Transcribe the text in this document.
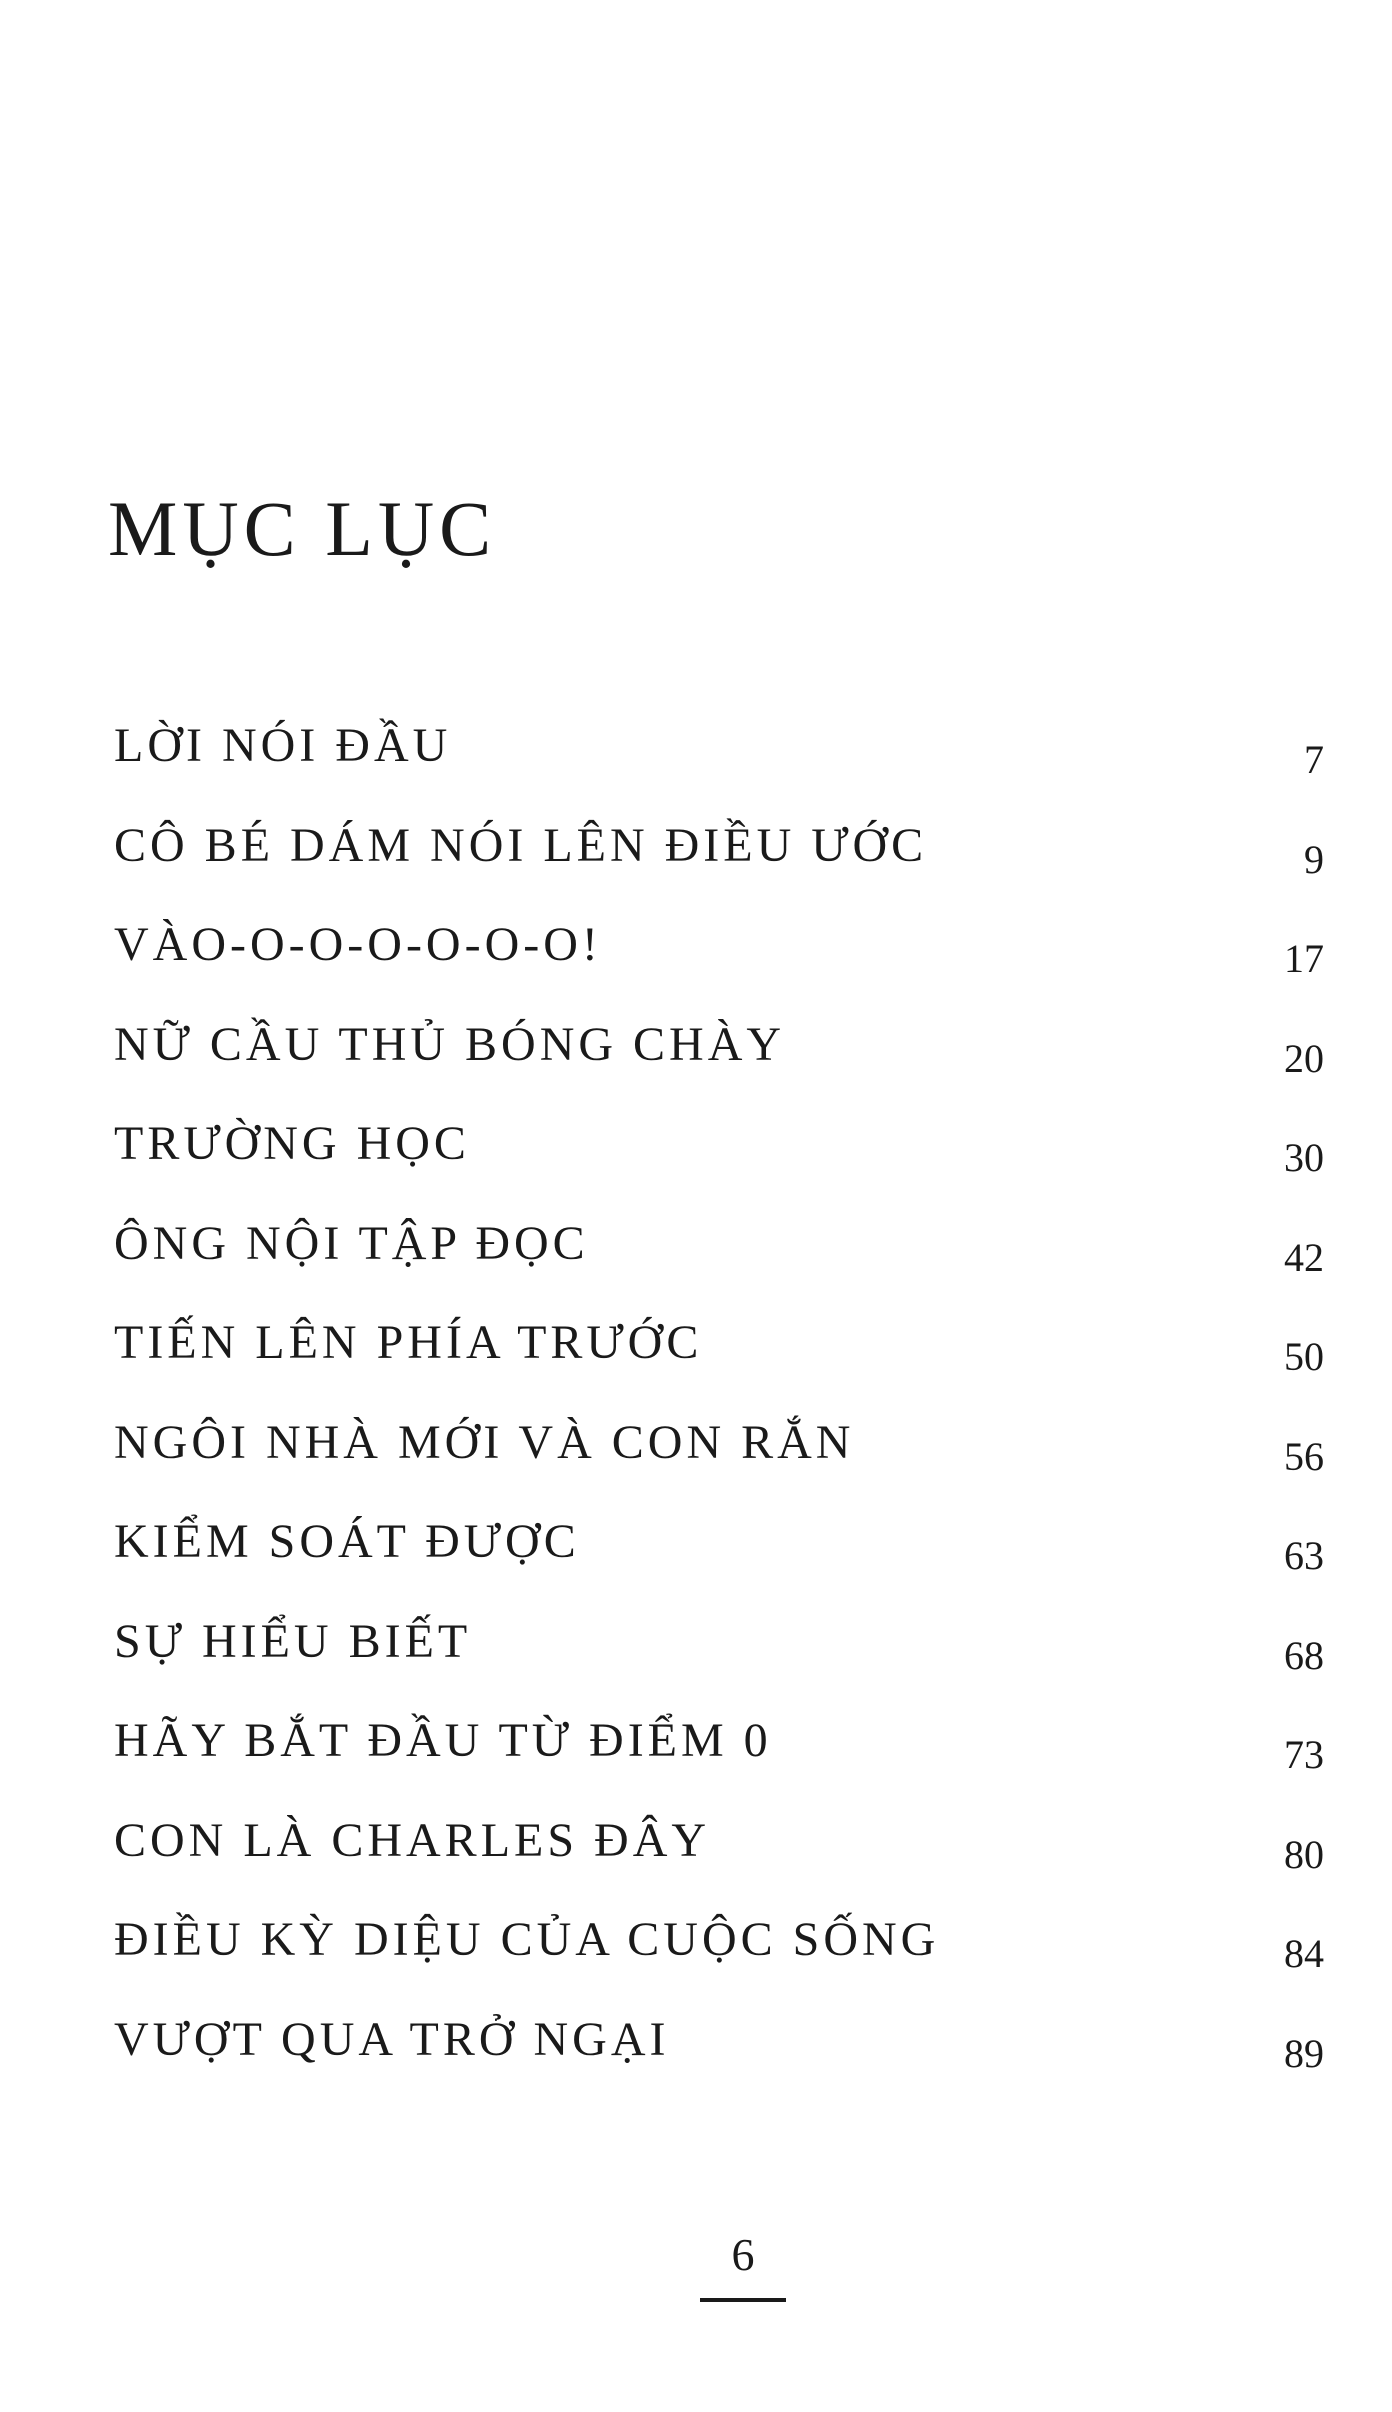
MỤC LỤC
LỜI NÓI ĐẦU	7
CÔ BÉ DÁM NÓI LÊN ĐIỀU ƯỚC	9
VÀO-O-O-O-O-O-O!	17
NỮ CẦU THỦ BÓNG CHÀY	20
TRƯỜNG HỌC	30
ÔNG NỘI TẬP ĐỌC	42
TIẾN LÊN PHÍA TRƯỚC	50
NGÔI NHÀ MỚI VÀ CON RẮN	56
KIỂM SOÁT ĐƯỢC	63
SỰ HIỂU BIẾT	68
HÃY BẮT ĐẦU TỪ ĐIỂM 0	73
CON LÀ CHARLES ĐÂY	80
ĐIỀU KỲ DIỆU CỦA CUỘC SỐNG	84
VƯỢT QUA TRỞ NGẠI	89
6
